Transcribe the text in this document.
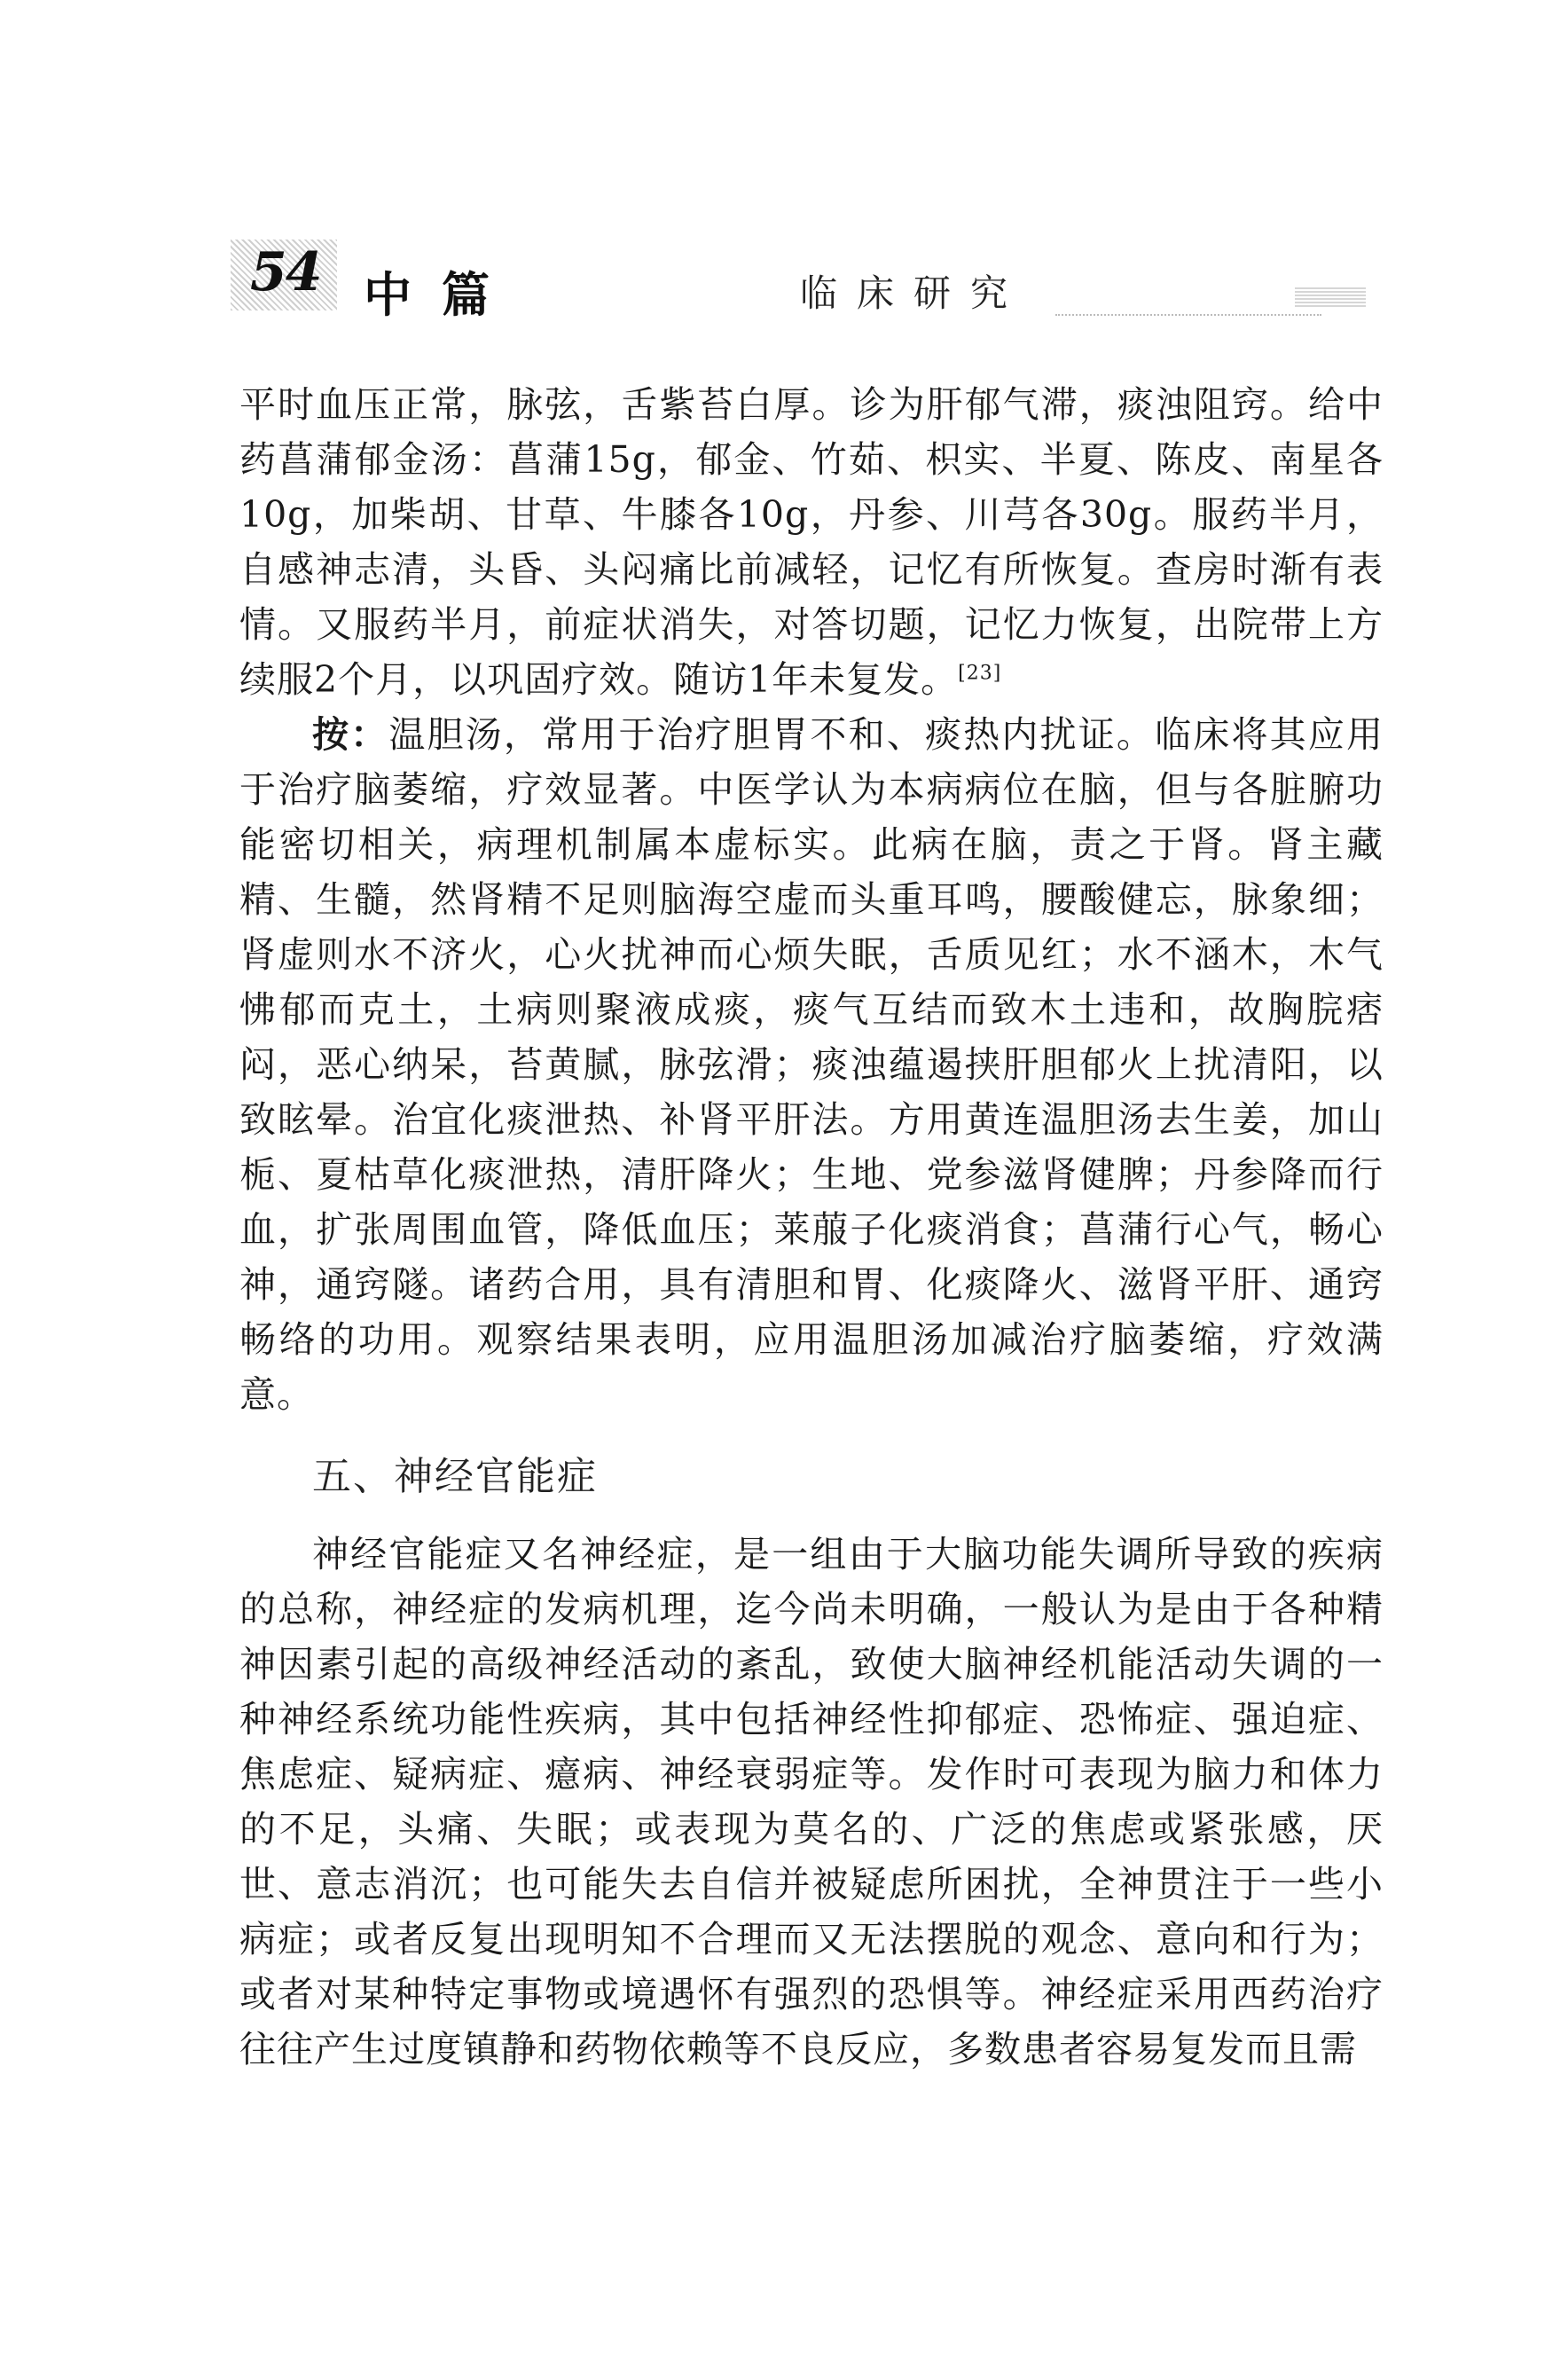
54 中篇	临床研究

平时血压正常，脉弦，舌紫苔白厚。诊为肝郁气滞，痰浊阻窍。给中药菖蒲郁金汤：菖蒲15g，郁金、竹茹、枳实、半夏、陈皮、南星各10g，加柴胡、甘草、牛膝各10g，丹参、川芎各30g。服药半月，自感神志清，头昏、头闷痛比前减轻，记忆有所恢复。查房时渐有表情。又服药半月，前症状消失，对答切题，记忆力恢复，出院带上方续服2个月，以巩固疗效。随访1年未复发。[23]

按：温胆汤，常用于治疗胆胃不和、痰热内扰证。临床将其应用于治疗脑萎缩，疗效显著。中医学认为本病病位在脑，但与各脏腑功能密切相关，病理机制属本虚标实。此病在脑，责之于肾。肾主藏精、生髓，然肾精不足则脑海空虚而头重耳鸣，腰酸健忘，脉象细；肾虚则水不济火，心火扰神而心烦失眠，舌质见红；水不涵木，木气怫郁而克土，土病则聚液成痰，痰气互结而致木土违和，故胸脘痞闷，恶心纳呆，苔黄腻，脉弦滑；痰浊蕴遏挟肝胆郁火上扰清阳，以致眩晕。治宜化痰泄热、补肾平肝法。方用黄连温胆汤去生姜，加山栀、夏枯草化痰泄热，清肝降火；生地、党参滋肾健脾；丹参降而行血，扩张周围血管，降低血压；莱菔子化痰消食；菖蒲行心气，畅心神，通窍隧。诸药合用，具有清胆和胃、化痰降火、滋肾平肝、通窍畅络的功用。观察结果表明，应用温胆汤加减治疗脑萎缩，疗效满意。

五、神经官能症

神经官能症又名神经症，是一组由于大脑功能失调所导致的疾病的总称，神经症的发病机理，迄今尚未明确，一般认为是由于各种精神因素引起的高级神经活动的紊乱，致使大脑神经机能活动失调的一种神经系统功能性疾病，其中包括神经性抑郁症、恐怖症、强迫症、焦虑症、疑病症、癔病、神经衰弱症等。发作时可表现为脑力和体力的不足，头痛、失眠；或表现为莫名的、广泛的焦虑或紧张感，厌世、意志消沉；也可能失去自信并被疑虑所困扰，全神贯注于一些小病症；或者反复出现明知不合理而又无法摆脱的观念、意向和行为；或者对某种特定事物或境遇怀有强烈的恐惧等。神经症采用西药治疗往往产生过度镇静和药物依赖等不良反应，多数患者容易复发而且需
